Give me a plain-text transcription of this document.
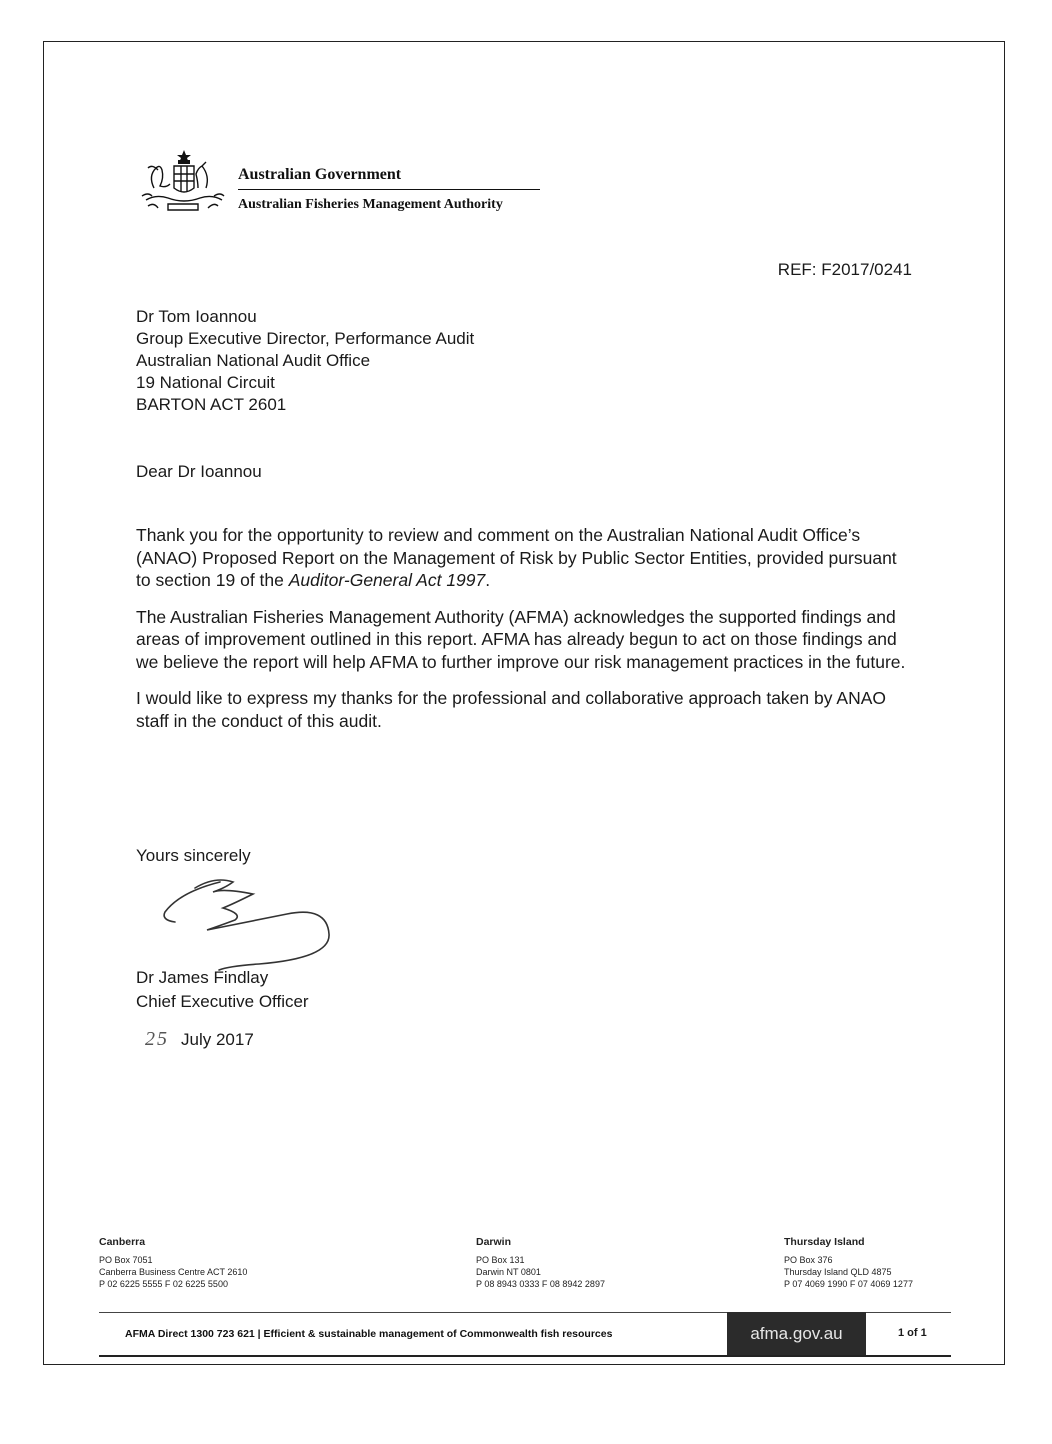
Australian Government
Australian Fisheries Management Authority
REF: F2017/0241
Dr Tom Ioannou
Group Executive Director, Performance Audit
Australian National Audit Office
19 National Circuit
BARTON ACT 2601
Dear Dr Ioannou

Thank you for the opportunity to review and comment on the Australian National Audit Office’s (ANAO) Proposed Report on the Management of Risk by Public Sector Entities, provided pursuant to section 19 of the Auditor-General Act 1997.

The Australian Fisheries Management Authority (AFMA) acknowledges the supported findings and areas of improvement outlined in this report. AFMA has already begun to act on those findings and we believe the report will help AFMA to further improve our risk management practices in the future.

I would like to express my thanks for the professional and collaborative approach taken by ANAO staff in the conduct of this audit.

Yours sincerely
Dr James Findlay
Chief Executive Officer
25 July 2017
Canberra
PO Box 7051
Canberra Business Centre ACT 2610
P 02 6225 5555 F 02 6225 5500
Darwin
PO Box 131
Darwin NT 0801
P 08 8943 0333 F 08 8942 2897
Thursday Island
PO Box 376
Thursday Island QLD 4875
P 07 4069 1990 F 07 4069 1277
AFMA Direct 1300 723 621 | Efficient & sustainable management of Commonwealth fish resources	afma.gov.au	1 of 1
